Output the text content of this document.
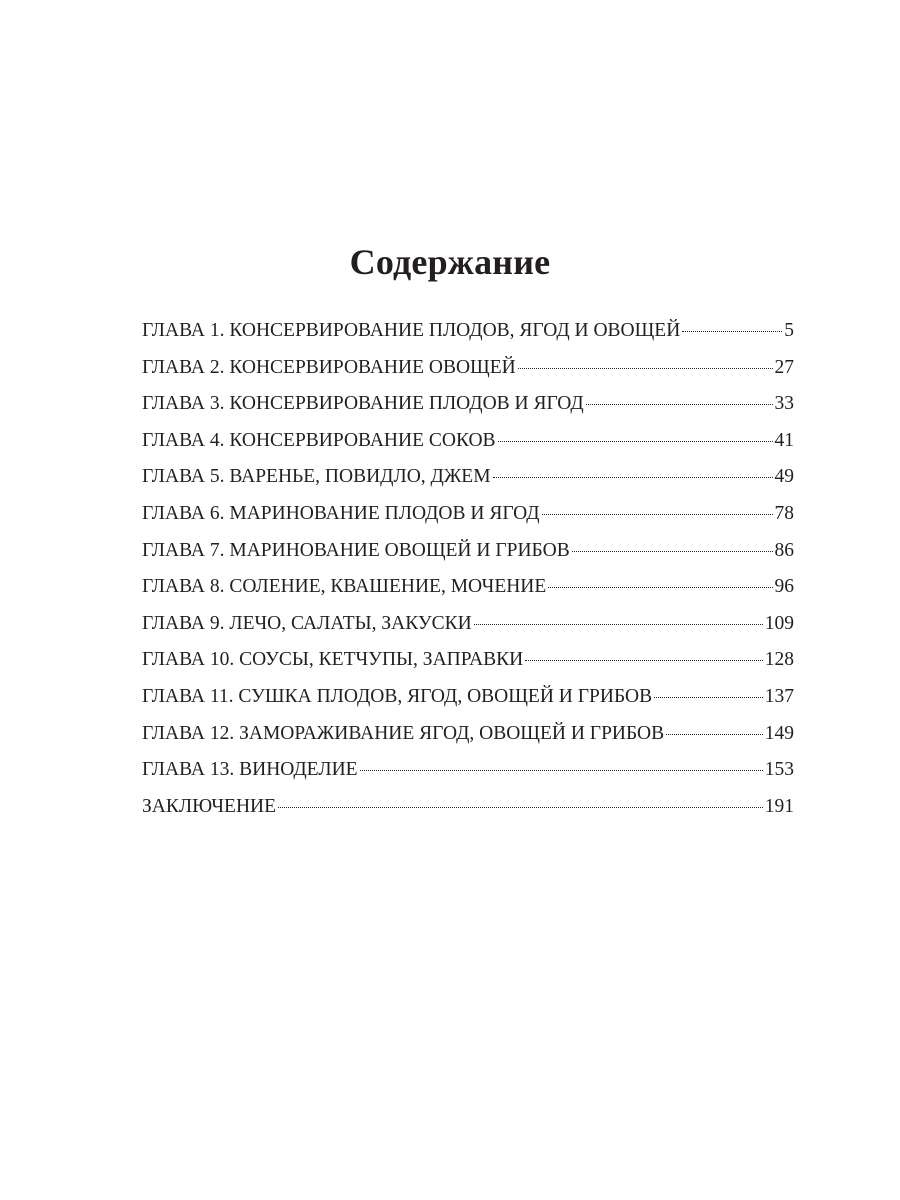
Содержание
ГЛАВА 1. КОНСЕРВИРОВАНИЕ ПЛОДОВ, ЯГОД И ОВОЩЕЙ	5
ГЛАВА 2. КОНСЕРВИРОВАНИЕ ОВОЩЕЙ	27
ГЛАВА 3. КОНСЕРВИРОВАНИЕ ПЛОДОВ И ЯГОД	33
ГЛАВА 4. КОНСЕРВИРОВАНИЕ СОКОВ	41
ГЛАВА 5. ВАРЕНЬЕ, ПОВИДЛО, ДЖЕМ	49
ГЛАВА 6. МАРИНОВАНИЕ ПЛОДОВ И ЯГОД	78
ГЛАВА 7. МАРИНОВАНИЕ ОВОЩЕЙ И ГРИБОВ	86
ГЛАВА 8. СОЛЕНИЕ, КВАШЕНИЕ, МОЧЕНИЕ	96
ГЛАВА 9. ЛЕЧО, САЛАТЫ, ЗАКУСКИ	109
ГЛАВА 10. СОУСЫ, КЕТЧУПЫ, ЗАПРАВКИ	128
ГЛАВА 11. СУШКА ПЛОДОВ, ЯГОД, ОВОЩЕЙ И ГРИБОВ	137
ГЛАВА 12. ЗАМОРАЖИВАНИЕ ЯГОД, ОВОЩЕЙ И ГРИБОВ	149
ГЛАВА 13. ВИНОДЕЛИЕ	153
ЗАКЛЮЧЕНИЕ	191
